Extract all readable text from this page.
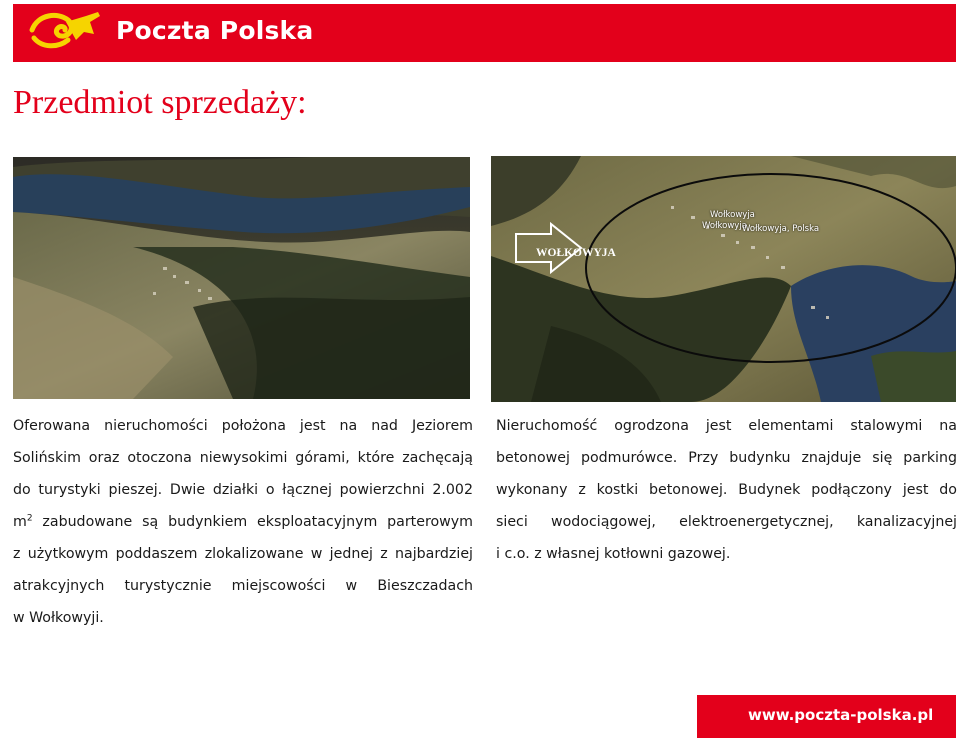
Poczta Polska
Przedmiot sprzedaży:
WOŁKOWYJA
Wołkowyja
Wołkowyja
Wołkowyja, Polska
Oferowana nieruchomości położona jest na nad Jeziorem
Solińskim oraz otoczona niewysokimi górami, które zachęcają
do turystyki pieszej. Dwie działki o łącznej powierzchni 2.002
$m^2$ zabudowane są budynkiem eksploatacyjnym parterowym
z użytkowym poddaszem zlokalizowane w jednej z najbardziej
atrakcyjnych turystycznie miejscowości w Bieszczadach
w Wołkowyji.
Nieruchomość ogrodzona jest elementami stalowymi na
betonowej podmurówce. Przy budynku znajduje się parking
wykonany z kostki betonowej. Budynek podłączony jest do
sieci wodociągowej, elektroenergetycznej, kanalizacyjnej
i c.o. z własnej kotłowni gazowej.
www.poczta-polska.pl
